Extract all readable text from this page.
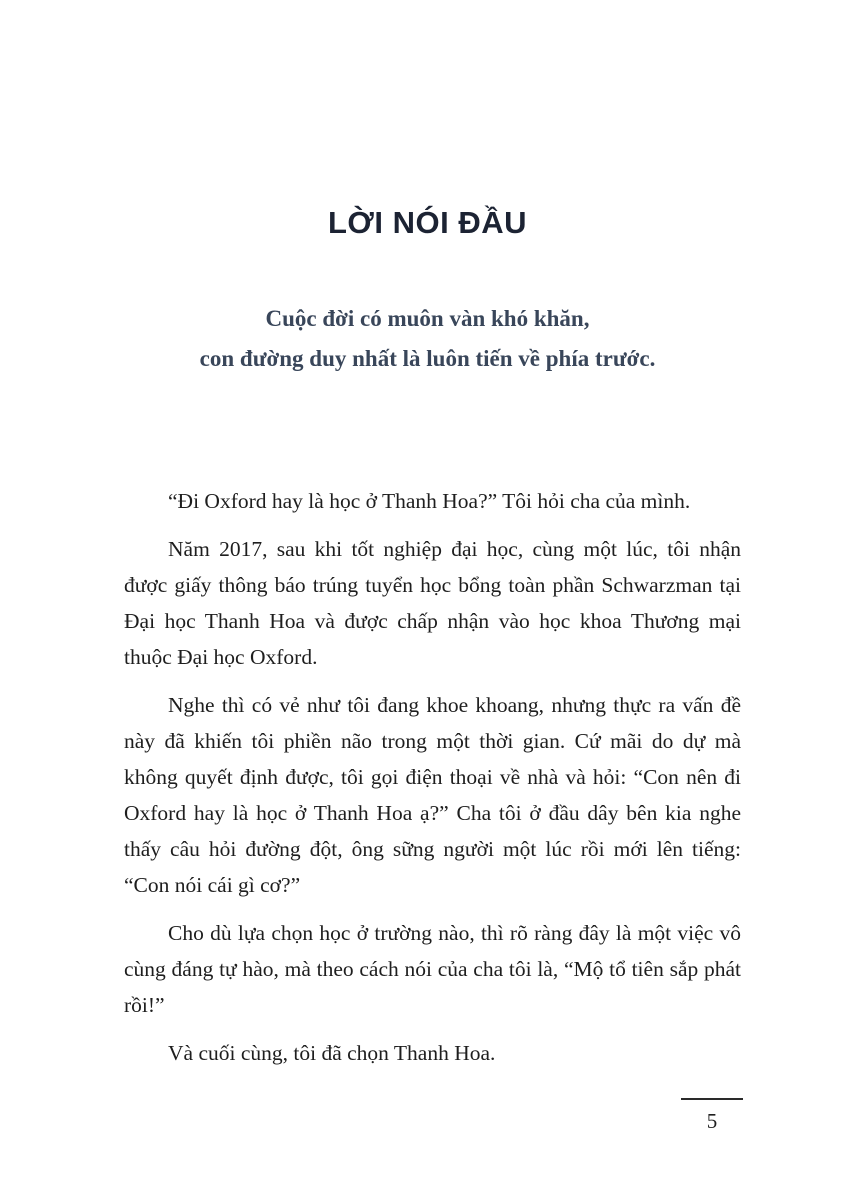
LỜI NÓI ĐẦU
Cuộc đời có muôn vàn khó khăn,
con đường duy nhất là luôn tiến về phía trước.

“Đi Oxford hay là học ở Thanh Hoa?” Tôi hỏi cha của mình.

Năm 2017, sau khi tốt nghiệp đại học, cùng một lúc, tôi nhận được giấy thông báo trúng tuyển học bổng toàn phần Schwarzman tại Đại học Thanh Hoa và được chấp nhận vào học khoa Thương mại thuộc Đại học Oxford.

Nghe thì có vẻ như tôi đang khoe khoang, nhưng thực ra vấn đề này đã khiến tôi phiền não trong một thời gian. Cứ mãi do dự mà không quyết định được, tôi gọi điện thoại về nhà và hỏi: “Con nên đi Oxford hay là học ở Thanh Hoa ạ?” Cha tôi ở đầu dây bên kia nghe thấy câu hỏi đường đột, ông sững người một lúc rồi mới lên tiếng: “Con nói cái gì cơ?”

Cho dù lựa chọn học ở trường nào, thì rõ ràng đây là một việc vô cùng đáng tự hào, mà theo cách nói của cha tôi là, “Mộ tổ tiên sắp phát rồi!”

Và cuối cùng, tôi đã chọn Thanh Hoa.

5
